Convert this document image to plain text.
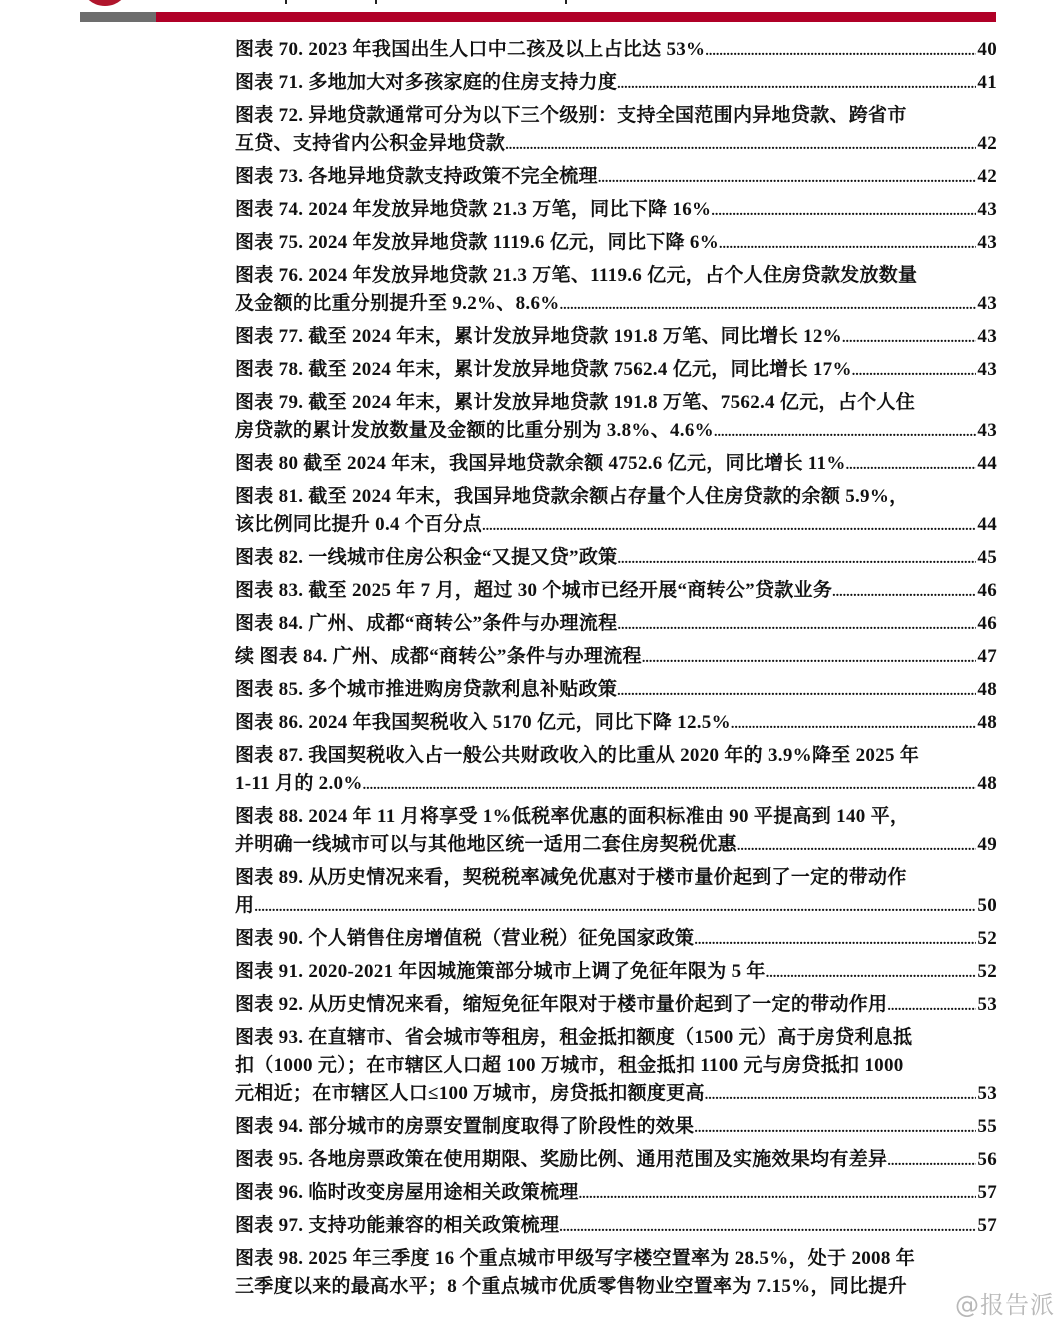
图表 70. 2023 年我国出生人口中二孩及以上占比达 53% .....	40
图表 71. 多地加大对多孩家庭的住房支持力度 .....	41
图表 72. 异地贷款通常可分为以下三个级别：支持全国范围内异地贷款、跨省市
互贷、支持省内公积金异地贷款 .....	42
图表 73. 各地异地贷款支持政策不完全梳理 .....	42
图表 74. 2024 年发放异地贷款 21.3 万笔，同比下降 16% .....	43
图表 75. 2024 年发放异地贷款 1119.6 亿元，同比下降 6% .....	43
图表 76. 2024 年发放异地贷款 21.3 万笔、1119.6 亿元，占个人住房贷款发放数量
及金额的比重分别提升至 9.2%、8.6% .....	43
图表 77. 截至 2024 年末，累计发放异地贷款 191.8 万笔、同比增长 12% .....	43
图表 78. 截至 2024 年末，累计发放异地贷款 7562.4 亿元，同比增长 17% .....	43
图表 79. 截至 2024 年末，累计发放异地贷款 191.8 万笔、7562.4 亿元，占个人住
房贷款的累计发放数量及金额的比重分别为 3.8%、4.6% .....	43
图表 80 截至 2024 年末，我国异地贷款余额 4752.6 亿元，同比增长 11% .....	44
图表 81. 截至 2024 年末，我国异地贷款余额占存量个人住房贷款的余额 5.9%，
该比例同比提升 0.4 个百分点 .....	44
图表 82. 一线城市住房公积金“又提又贷”政策 .....	45
图表 83. 截至 2025 年 7 月，超过 30 个城市已经开展“商转公”贷款业务 .....	46
图表 84. 广州、成都“商转公”条件与办理流程 .....	46
续 图表 84. 广州、成都“商转公”条件与办理流程 .....	47
图表 85. 多个城市推进购房贷款利息补贴政策 .....	48
图表 86. 2024 年我国契税收入 5170 亿元，同比下降 12.5% .....	48
图表 87. 我国契税收入占一般公共财政收入的比重从 2020 年的 3.9%降至 2025 年
1-11 月的 2.0% .....	48
图表 88. 2024 年 11 月将享受 1%低税率优惠的面积标准由 90 平提高到 140 平，
并明确一线城市可以与其他地区统一适用二套住房契税优惠 .....	49
图表 89. 从历史情况来看，契税税率减免优惠对于楼市量价起到了一定的带动作
用 .....	50
图表 90. 个人销售住房增值税（营业税）征免国家政策 .....	52
图表 91. 2020-2021 年因城施策部分城市上调了免征年限为 5 年 .....	52
图表 92. 从历史情况来看，缩短免征年限对于楼市量价起到了一定的带动作用 .....	53
图表 93. 在直辖市、省会城市等租房，租金抵扣额度（1500 元）高于房贷利息抵
扣（1000 元）；在市辖区人口超 100 万城市，租金抵扣 1100 元与房贷抵扣 1000
元相近；在市辖区人口≤100 万城市，房贷抵扣额度更高 .....	53
图表 94. 部分城市的房票安置制度取得了阶段性的效果 .....	55
图表 95. 各地房票政策在使用期限、奖励比例、通用范围及实施效果均有差异 .....	56
图表 96. 临时改变房屋用途相关政策梳理 .....	57
图表 97. 支持功能兼容的相关政策梳理 .....	57
图表 98. 2025 年三季度 16 个重点城市甲级写字楼空置率为 28.5%，处于 2008 年
三季度以来的最高水平；8 个重点城市优质零售物业空置率为 7.15%，同比提升
@报告派
